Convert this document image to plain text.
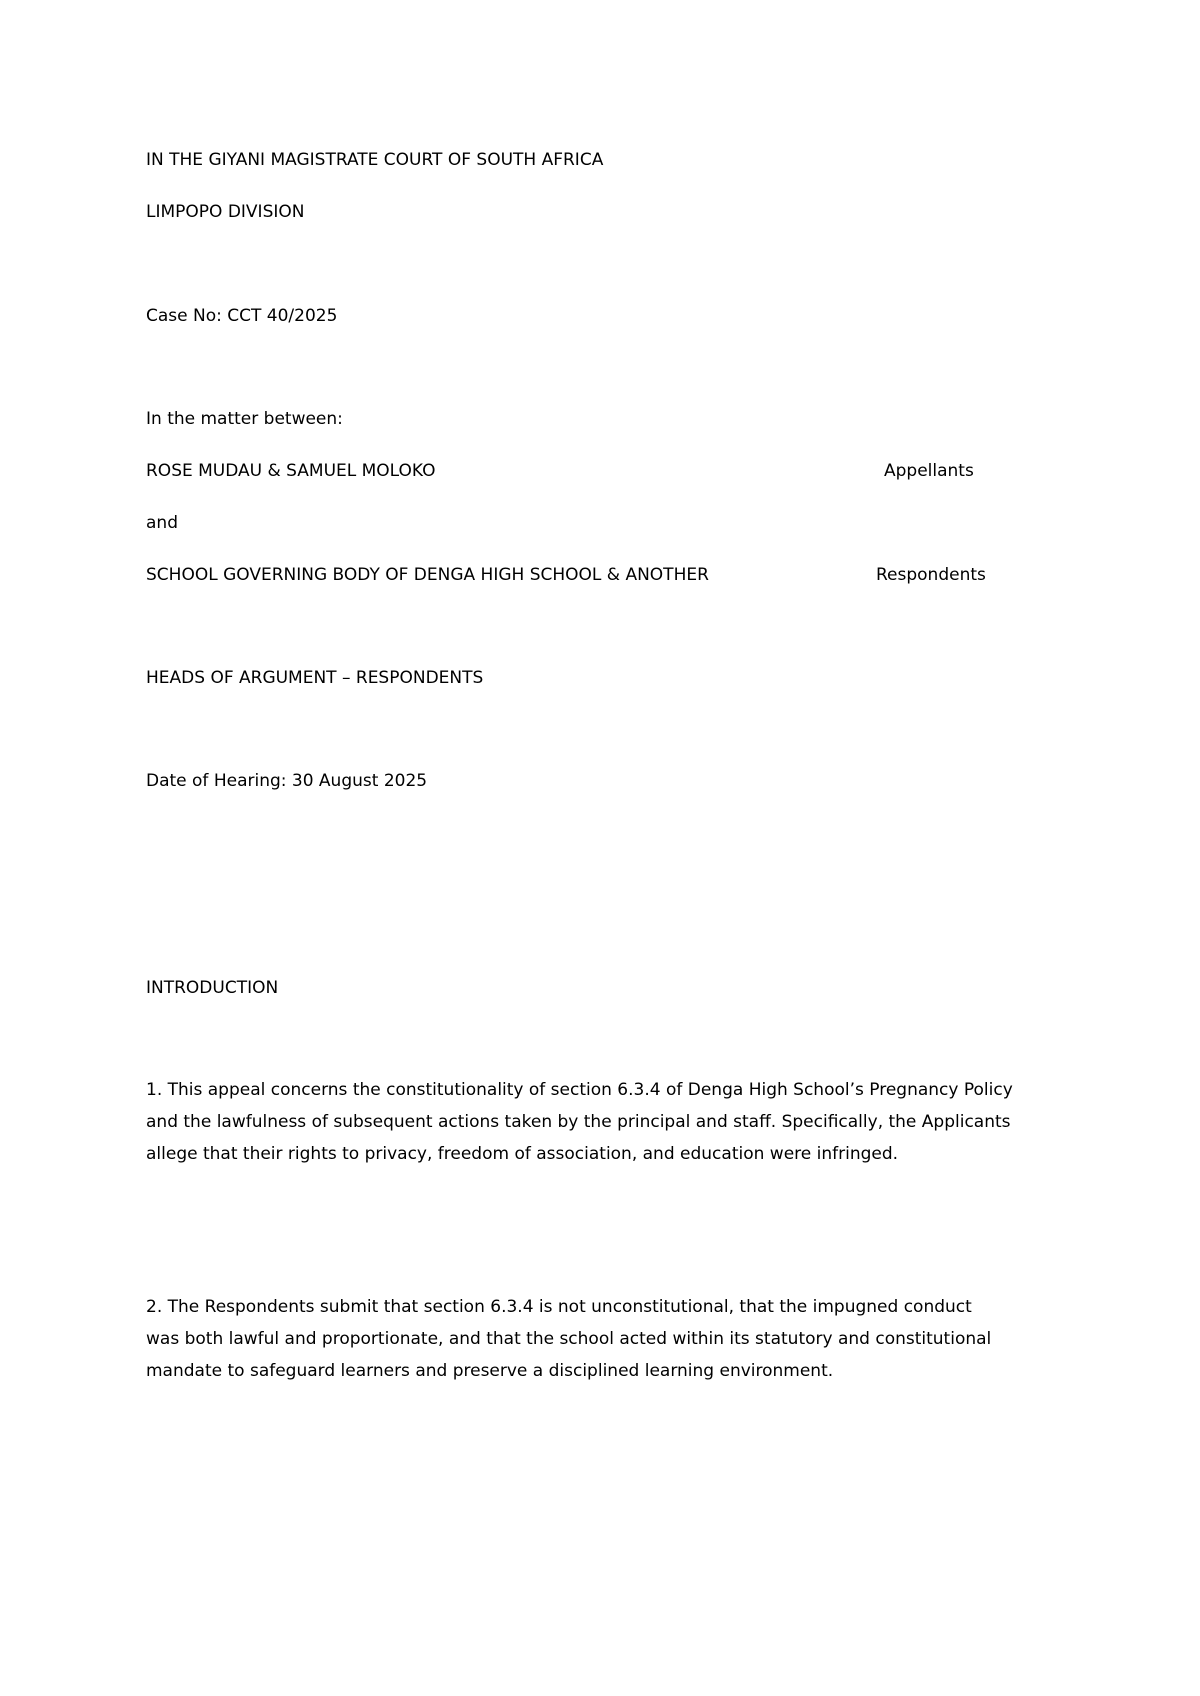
IN THE GIYANI MAGISTRATE COURT OF SOUTH AFRICA
LIMPOPO DIVISION
Case No: CCT 40/2025
In the matter between:
ROSE MUDAU & SAMUEL MOLOKO	Appellants
and
SCHOOL GOVERNING BODY OF DENGA HIGH SCHOOL & ANOTHER	Respondents
HEADS OF ARGUMENT – RESPONDENTS
Date of Hearing: 30 August 2025
INTRODUCTION
1. This appeal concerns the constitutionality of section 6.3.4 of Denga High School’s Pregnancy Policy
and the lawfulness of subsequent actions taken by the principal and staff. Specifically, the Applicants
allege that their rights to privacy, freedom of association, and education were infringed.
2. The Respondents submit that section 6.3.4 is not unconstitutional, that the impugned conduct
was both lawful and proportionate, and that the school acted within its statutory and constitutional
mandate to safeguard learners and preserve a disciplined learning environment.
